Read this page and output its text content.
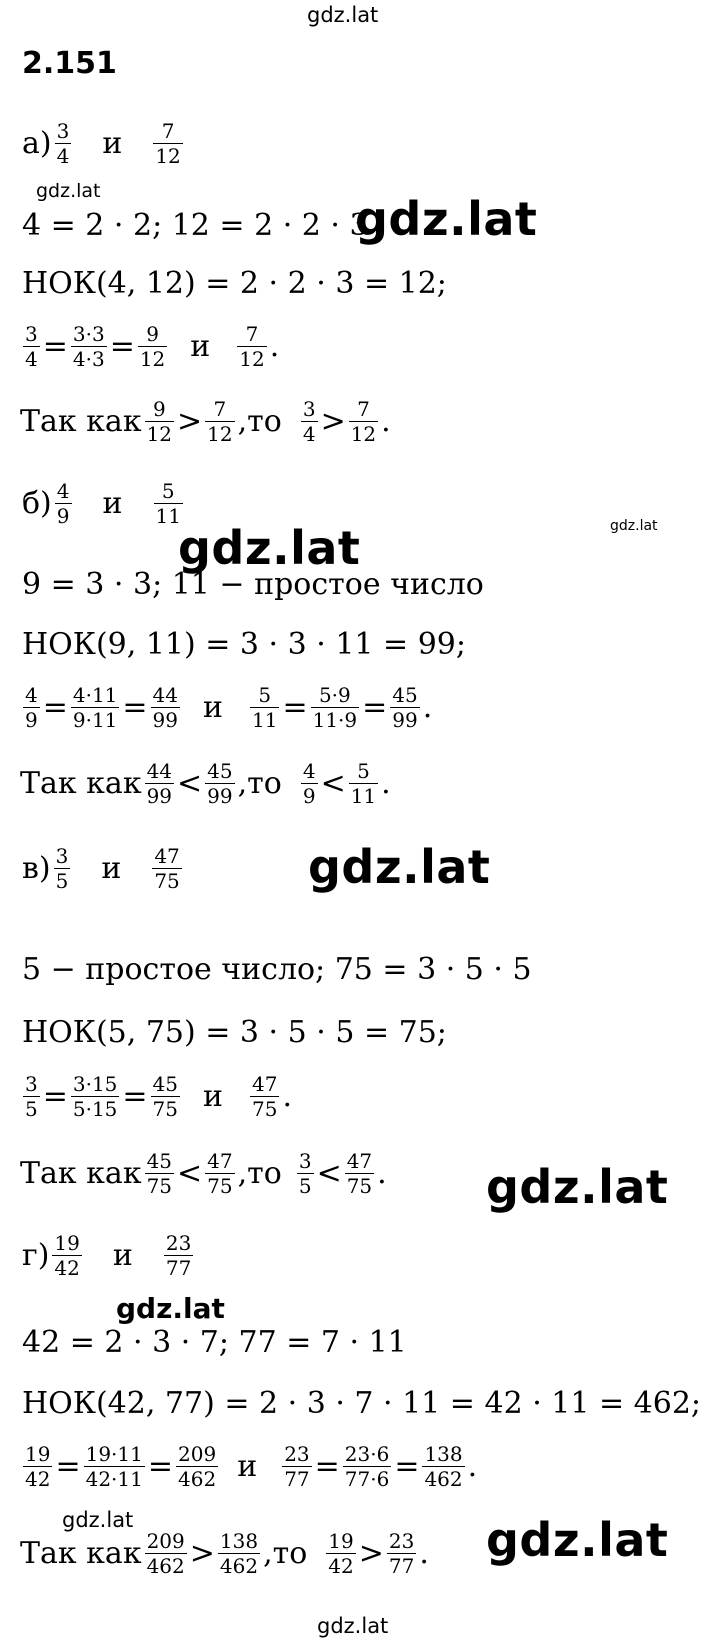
gdz.lat
gdz.lat
gdz.lat
gdz.lat
gdz.lat
gdz.lat
gdz.lat
gdz.lat
gdz.lat	gdz.lat
gdz.lat
2.151
$а) \frac{3}{4}$ и $\frac{7}{12}$
4 = 2 · 2; 12 = 2 · 2 · 3
НОК(4, 12) = 2 · 2 · 3 = 12;
$\frac{3}{4} = \frac{3\cdot 3}{4\cdot 3} = \frac{9}{12}$ и $\frac{7}{12}$ .
Так как $\frac{9}{12} > \frac{7}{12} ,то \frac{3}{4} > \frac{7}{12}$ .
$б) \frac{4}{9}$ и $\frac{5}{11}$
9 = 3 · 3; 11 − простое число
НОК(9, 11) = 3 · 3 · 11 = 99;
$\frac{4}{9} = \frac{4\cdot 11}{9\cdot 11} = \frac{44}{99}$ и $\frac{5}{11} = \frac{5\cdot 9}{11\cdot 9} = \frac{45}{99}$ .
Так как $\frac{44}{99} < \frac{45}{99} ,то \frac{4}{9} < \frac{5}{11}$ .
$в) \frac{3}{5}$ и $\frac{47}{75}$
5 − простое число; 75 = 3 · 5 · 5
НОК(5, 75) = 3 · 5 · 5 = 75;
$\frac{3}{5} = \frac{3\cdot 15}{5\cdot 15} = \frac{45}{75}$ и $\frac{47}{75}$ .
Так как $\frac{45}{75} < \frac{47}{75} ,то \frac{3}{5} < \frac{47}{75}$ .
$г) \frac{19}{42}$ и $\frac{23}{77}$
42 = 2 · 3 · 7; 77 = 7 · 11
НОК(42, 77) = 2 · 3 · 7 · 11 = 42 · 11 = 462;
$\frac{19}{42} = \frac{19\cdot 11}{42\cdot 11} = \frac{209}{462}$ и $\frac{23}{77} = \frac{23\cdot 6}{77\cdot 6} = \frac{138}{462}$ .
Так как $\frac{209}{462} > \frac{138}{462} ,то \frac{19}{42} > \frac{23}{77}$ .
